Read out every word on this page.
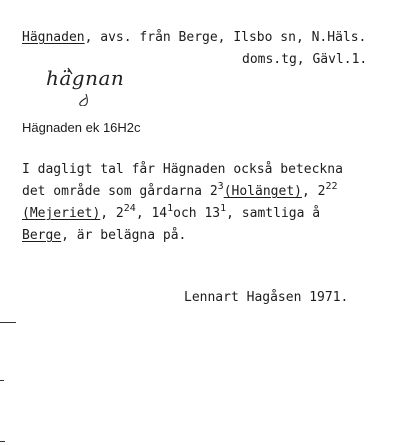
Hägnaden, avs. från Berge, Ilsbo sn, N.Häls.
doms.tg, Gävl.1.
hägnan
Hägnaden ek 16H2c
I dagligt tal får Hägnaden också beteckna
det område som gårdarna $2^3(Holänget)$, $2^{22}$
(Mejeriet), $2^{24}$, $14^1och$ $13^1$, samtliga å
Berge, är belägna på.
Lennart Hagåsen 1971.
